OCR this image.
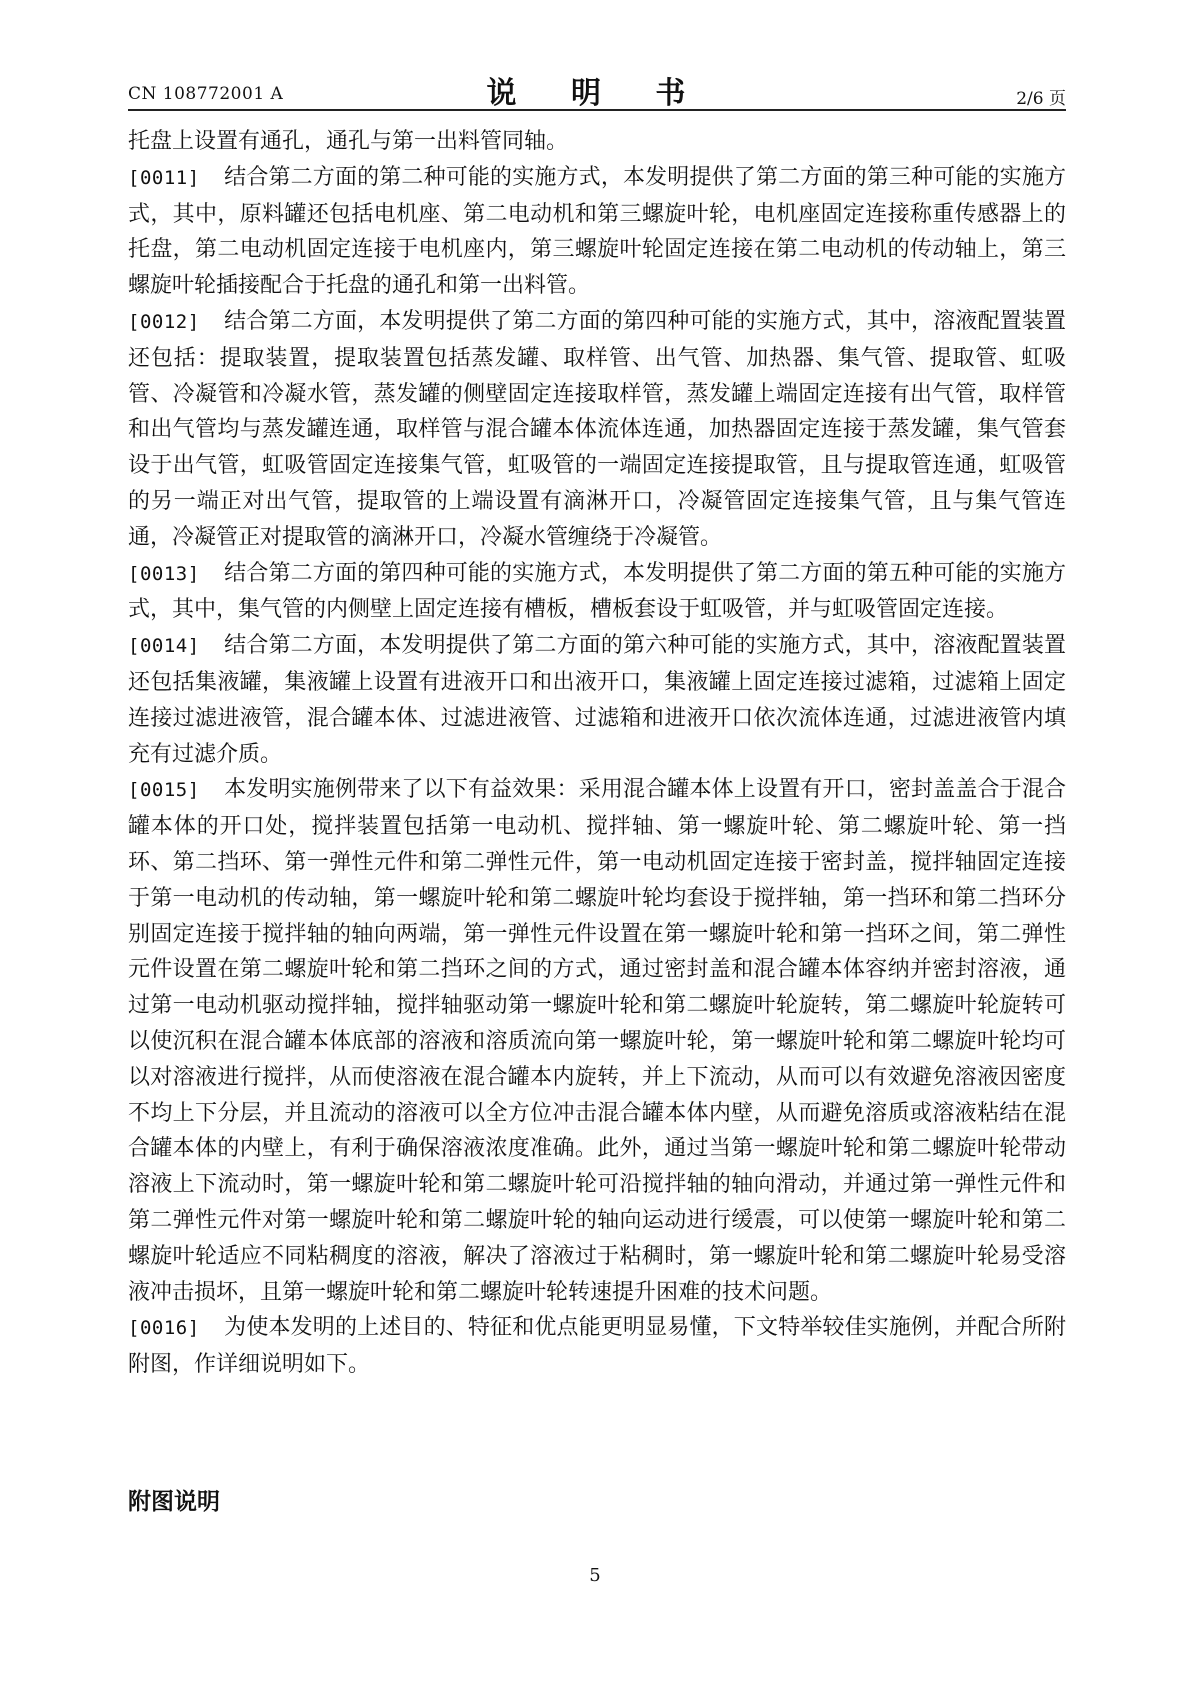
CN 108772001 A	说 明 书	2/6 页

托盘上设置有通孔，通孔与第一出料管同轴。

[0011] 结合第二方面的第二种可能的实施方式，本发明提供了第二方面的第三种可能的实施方式，其中，原料罐还包括电机座、第二电动机和第三螺旋叶轮，电机座固定连接称重传感器上的托盘，第二电动机固定连接于电机座内，第三螺旋叶轮固定连接在第二电动机的传动轴上，第三螺旋叶轮插接配合于托盘的通孔和第一出料管。

[0012] 结合第二方面，本发明提供了第二方面的第四种可能的实施方式，其中，溶液配置装置还包括：提取装置，提取装置包括蒸发罐、取样管、出气管、加热器、集气管、提取管、虹吸管、冷凝管和冷凝水管，蒸发罐的侧壁固定连接取样管，蒸发罐上端固定连接有出气管，取样管和出气管均与蒸发罐连通，取样管与混合罐本体流体连通，加热器固定连接于蒸发罐，集气管套设于出气管，虹吸管固定连接集气管，虹吸管的一端固定连接提取管，且与提取管连通，虹吸管的另一端正对出气管，提取管的上端设置有滴淋开口，冷凝管固定连接集气管，且与集气管连通，冷凝管正对提取管的滴淋开口，冷凝水管缠绕于冷凝管。

[0013] 结合第二方面的第四种可能的实施方式，本发明提供了第二方面的第五种可能的实施方式，其中，集气管的内侧壁上固定连接有槽板，槽板套设于虹吸管，并与虹吸管固定连接。

[0014] 结合第二方面，本发明提供了第二方面的第六种可能的实施方式，其中，溶液配置装置还包括集液罐，集液罐上设置有进液开口和出液开口，集液罐上固定连接过滤箱，过滤箱上固定连接过滤进液管，混合罐本体、过滤进液管、过滤箱和进液开口依次流体连通，过滤进液管内填充有过滤介质。

[0015] 本发明实施例带来了以下有益效果：采用混合罐本体上设置有开口，密封盖盖合于混合罐本体的开口处，搅拌装置包括第一电动机、搅拌轴、第一螺旋叶轮、第二螺旋叶轮、第一挡环、第二挡环、第一弹性元件和第二弹性元件，第一电动机固定连接于密封盖，搅拌轴固定连接于第一电动机的传动轴，第一螺旋叶轮和第二螺旋叶轮均套设于搅拌轴，第一挡环和第二挡环分别固定连接于搅拌轴的轴向两端，第一弹性元件设置在第一螺旋叶轮和第一挡环之间，第二弹性元件设置在第二螺旋叶轮和第二挡环之间的方式，通过密封盖和混合罐本体容纳并密封溶液，通过第一电动机驱动搅拌轴，搅拌轴驱动第一螺旋叶轮和第二螺旋叶轮旋转，第二螺旋叶轮旋转可以使沉积在混合罐本体底部的溶液和溶质流向第一螺旋叶轮，第一螺旋叶轮和第二螺旋叶轮均可以对溶液进行搅拌，从而使溶液在混合罐本内旋转，并上下流动，从而可以有效避免溶液因密度不均上下分层，并且流动的溶液可以全方位冲击混合罐本体内壁，从而避免溶质或溶液粘结在混合罐本体的内壁上，有利于确保溶液浓度准确。此外，通过当第一螺旋叶轮和第二螺旋叶轮带动溶液上下流动时，第一螺旋叶轮和第二螺旋叶轮可沿搅拌轴的轴向滑动，并通过第一弹性元件和第二弹性元件对第一螺旋叶轮和第二螺旋叶轮的轴向运动进行缓震，可以使第一螺旋叶轮和第二螺旋叶轮适应不同粘稠度的溶液，解决了溶液过于粘稠时，第一螺旋叶轮和第二螺旋叶轮易受溶液冲击损坏，且第一螺旋叶轮和第二螺旋叶轮转速提升困难的技术问题。

[0016] 为使本发明的上述目的、特征和优点能更明显易懂，下文特举较佳实施例，并配合所附附图，作详细说明如下。

附图说明
5
